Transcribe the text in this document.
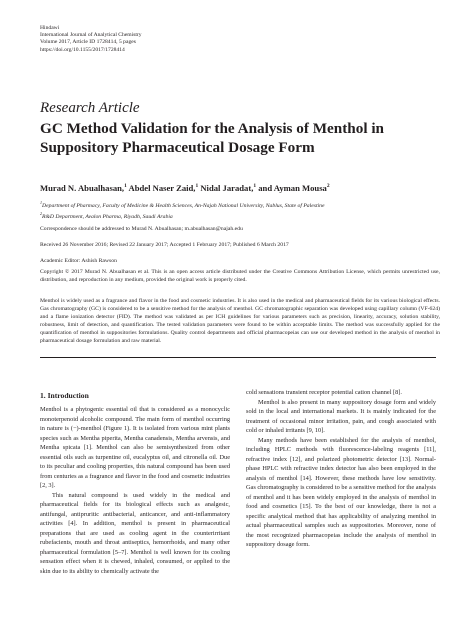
Hindawi
International Journal of Analytical Chemistry
Volume 2017, Article ID 1728414, 5 pages
https://doi.org/10.1155/2017/1728414
Research Article
GC Method Validation for the Analysis of Menthol in
Suppository Pharmaceutical Dosage Form
Murad N. Abualhasan,$^1$ Abdel Naser Zaid,$^1$ Nidal Jaradat,$^1$ and Ayman Mousa$^2$
$^1$Department of Pharmacy, Faculty of Medicine & Health Sciences, An-Najah National University, Nablus, State of Palestine
$^2$R&D Department, Avalon Pharma, Riyadh, Saudi Arabia
Correspondence should be addressed to Murad N. Abualhasan; m.abualhasan@najah.edu
Received 26 November 2016; Revised 22 January 2017; Accepted 1 February 2017; Published 6 March 2017
Academic Editor: Ashish Rawson
Copyright © 2017 Murad N. Abualhasan et al. This is an open access article distributed under the Creative Commons Attribution License, which permits unrestricted use, distribution, and reproduction in any medium, provided the original work is properly cited.
Menthol is widely used as a fragrance and flavor in the food and cosmetic industries. It is also used in the medical and pharmaceutical fields for its various biological effects. Gas chromatography (GC) is considered to be a sensitive method for the analysis of menthol. GC chromatographic separation was developed using capillary column (VF-624) and a flame ionization detector (FID). The method was validated as per ICH guidelines for various parameters such as precision, linearity, accuracy, solution stability, robustness, limit of detection, and quantification. The tested validation parameters were found to be within acceptable limits. The method was successfully applied for the quantification of menthol in suppositories formulations. Quality control departments and official pharmacopeias can use our developed method in the analysis of menthol in pharmaceutical dosage formulation and raw material.
1. Introduction

Menthol is a phytogenic essential oil that is considered as a monocyclic monoterpenoid alcoholic compound. The main form of menthol occurring in nature is (−)-menthol (Figure 1). It is isolated from various mint plants species such as Mentha piperita, Mentha canadensis, Mentha arvensis, and Mentha spicata [1]. Menthol can also be semisynthesized from other essential oils such as turpentine oil, eucalyptus oil, and citronella oil. Due to its peculiar and cooling properties, this natural compound has been used from centuries as a fragrance and flavor in the food and cosmetic industries [2, 3].

This natural compound is used widely in the medical and pharmaceutical fields for its biological effects such as analgesic, antifungal, antipruritic antibacterial, anticancer, and anti-inflammatory activities [4]. In addition, menthol is present in pharmaceutical preparations that are used as cooling agent in the counterirritant rubefacients, mouth and throat antiseptics, hemorrhoids, and many other pharmaceutical formulation [5–7]. Menthol is well known for its cooling sensation effect when it is chewed, inhaled, consumed, or applied to the skin due to its ability to chemically activate the

cold sensations transient receptor potential cation channel [8].

Menthol is also present in many suppository dosage form and widely sold in the local and international markets. It is mainly indicated for the treatment of occasional minor irritation, pain, and cough associated with cold or inhaled irritants [9, 10].

Many methods have been established for the analysis of menthol, including HPLC methods with fluorescence-labeling reagents [11], refractive index [12], and polarized photometric detector [13]. Normal-phase HPLC with refractive index detector has also been employed in the analysis of menthol [14]. However, these methods have low sensitivity. Gas chromatography is considered to be a sensitive method for the analysis of menthol and it has been widely employed in the analysis of menthol in food and cosmetics [15]. To the best of our knowledge, there is not a specific analytical method that has applicability of analyzing menthol in actual pharmaceutical samples such as suppositories. Moreover, none of the most recognized pharmacopeias include the analysis of menthol in suppository dosage form.
